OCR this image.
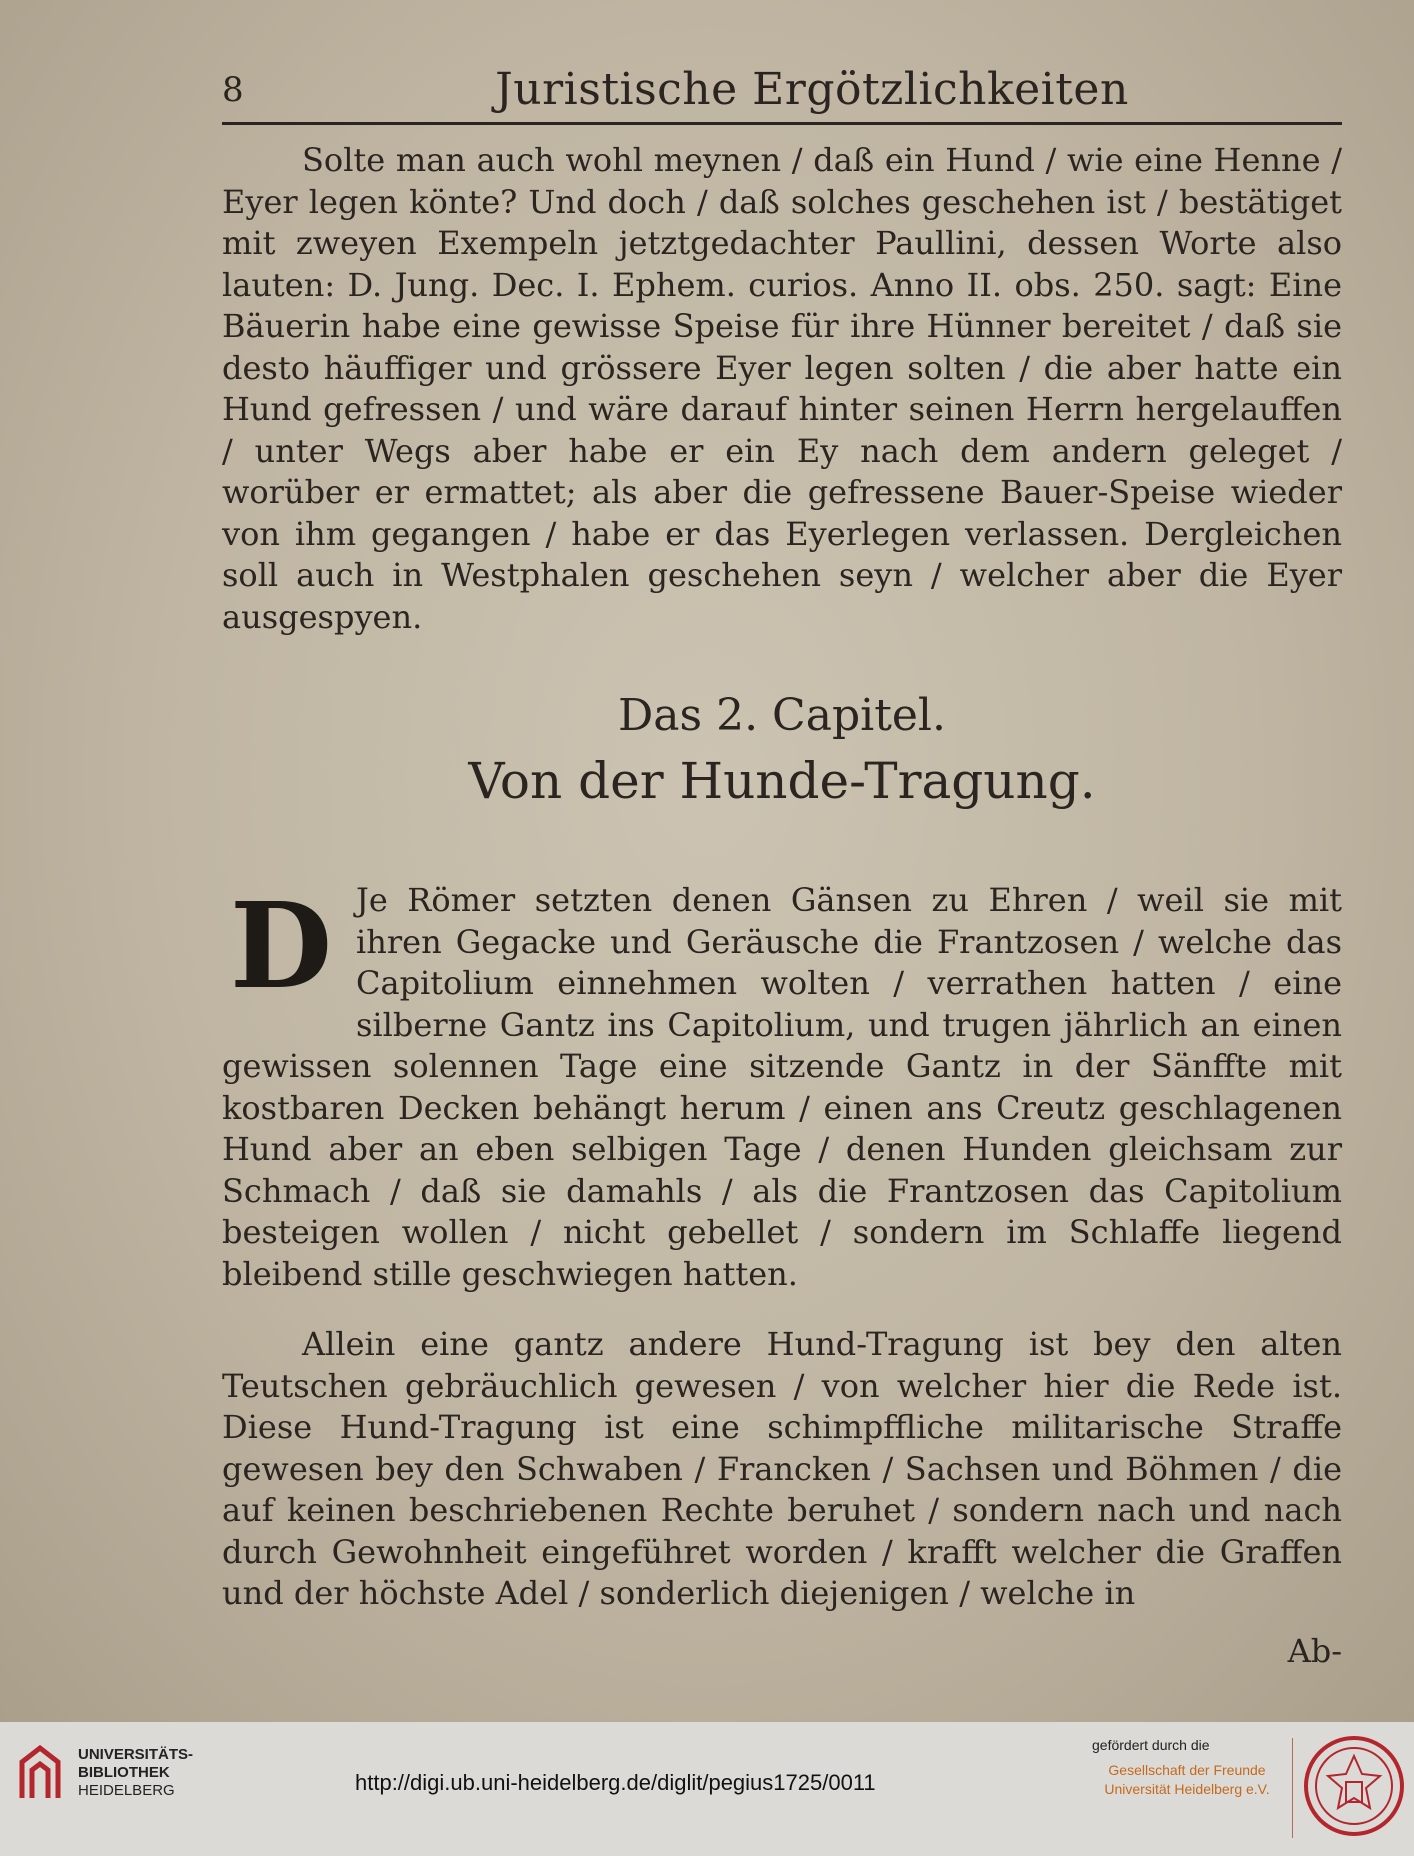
8	Juristische Ergötzlichkeiten

Solte man auch wohl meynen / daß ein Hund / wie eine Henne / Eyer legen könte? Und doch / daß solches geschehen ist / bestätiget mit zweyen Exempeln jetztgedachter Paullini, dessen Worte also lauten: D. Jung. Dec. I. Ephem. curios. Anno II. obs. 250. sagt: Eine Bäuerin habe eine gewisse Speise für ihre Hünner bereitet / daß sie desto häuffiger und grössere Eyer legen solten / die aber hatte ein Hund gefressen / und wäre darauf hinter seinen Herrn hergelauffen / unter Wegs aber habe er ein Ey nach dem andern geleget / worüber er ermattet; als aber die gefressene Bauer-Speise wieder von ihm gegangen / habe er das Eyerlegen verlassen. Dergleichen soll auch in Westphalen geschehen seyn / welcher aber die Eyer ausgespyen.

Das 2. Capitel.
Von der Hunde-Tragung.

D Je Römer setzten denen Gänsen zu Ehren / weil sie mit ihren Gegacke und Geräusche die Frantzosen / welche das Capitolium einnehmen wolten / verrathen hatten / eine silberne Gantz ins Capitolium, und trugen jährlich an einen gewissen solennen Tage eine sitzende Gantz in der Sänffte mit kostbaren Decken behängt herum / einen ans Creutz geschlagenen Hund aber an eben selbigen Tage / denen Hunden gleichsam zur Schmach / daß sie damahls / als die Frantzosen das Capitolium besteigen wollen / nicht gebellet / sondern im Schlaffe liegend bleibend stille geschwiegen hatten.

Allein eine gantz andere Hund-Tragung ist bey den alten Teutschen gebräuchlich gewesen / von welcher hier die Rede ist. Diese Hund-Tragung ist eine schimpffliche militarische Straffe gewesen bey den Schwaben / Francken / Sachsen und Böhmen / die auf keinen beschriebenen Rechte beruhet / sondern nach und nach durch Gewohnheit eingeführet worden / krafft welcher die Graffen und der höchste Adel / sonderlich diejenigen / welche in

Ab-
UNIVERSITÄTS-
BIBLIOTHEK
HEIDELBERG	http://digi.ub.uni-heidelberg.de/diglit/pegius1725/0011
gefördert durch die
Gesellschaft der Freunde
Universität Heidelberg e.V.
